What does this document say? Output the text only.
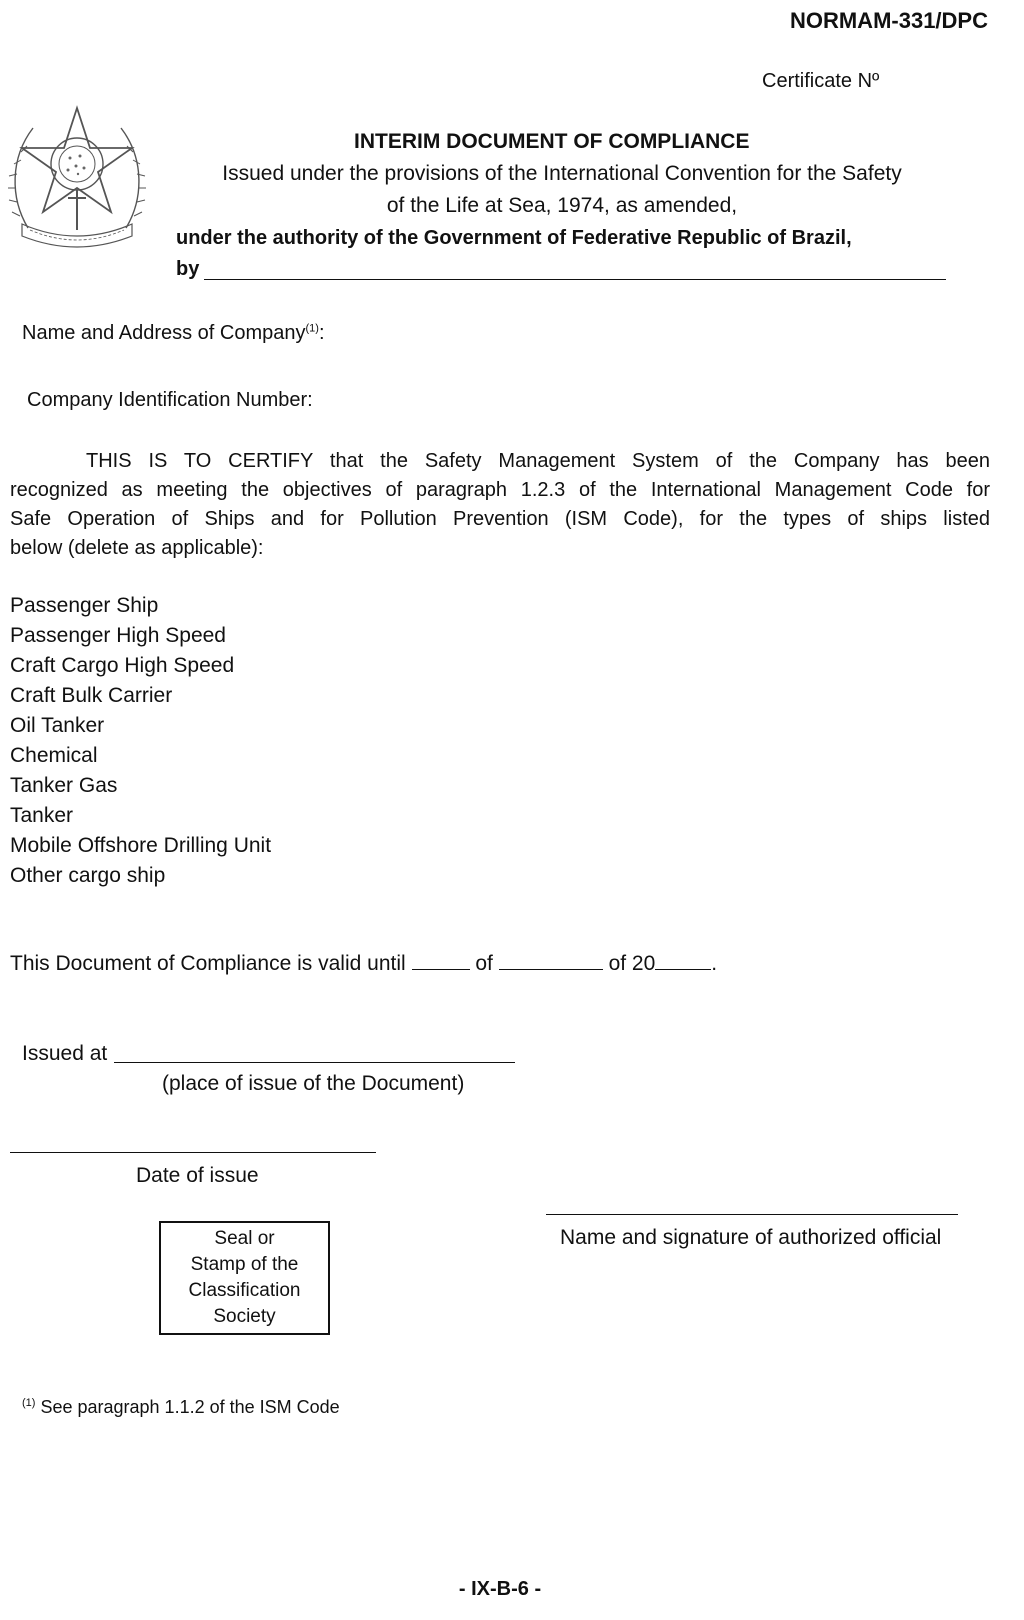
NORMAM-331/DPC
Certificate Nº
INTERIM DOCUMENT OF COMPLIANCE
Issued under the provisions of the International Convention for the Safety
of the Life at Sea, 1974, as amended,
under the authority of the Government of Federative Republic of Brazil,
by
Name and Address of Company$^{(1)}$:
Company Identification Number:
THIS IS TO CERTIFY that the Safety Management System of the Company has been
recognized as meeting the objectives of paragraph 1.2.3 of the International Management Code for
Safe Operation of Ships and for Pollution Prevention (ISM Code), for the types of ships listed
below (delete as applicable):
Passenger Ship
Passenger High Speed
Craft Cargo High Speed
Craft Bulk Carrier
Oil Tanker
Chemical
Tanker Gas
Tanker
Mobile Offshore Drilling Unit
Other cargo ship
This Document of Compliance is valid until	of	of 20	.
Issued at
(place of issue of the Document)
Date of issue
Name and signature of authorized official
Seal or
Stamp of the
Classification
Society
$^{(1)}$ See paragraph 1.1.2 of the ISM Code
- IX-B-6 -
